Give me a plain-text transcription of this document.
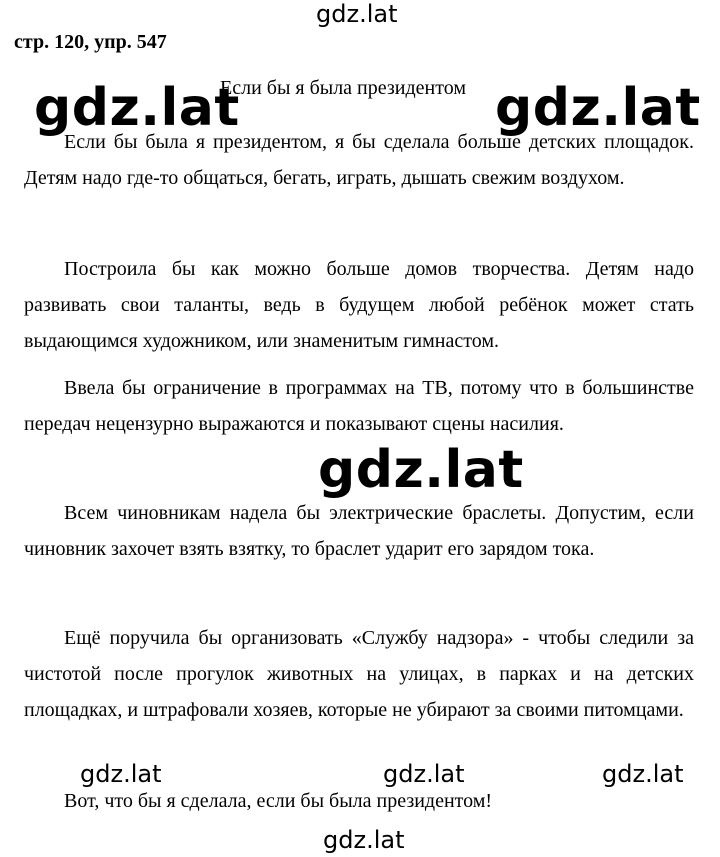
стр. 120, упр. 547
Если бы я была президентом

Если бы была я президентом, я бы сделала больше детских площадок. Детям надо где-то общаться, бегать, играть, дышать свежим воздухом.

Построила бы как можно больше домов творчества. Детям надо развивать свои таланты, ведь в будущем любой ребёнок может стать выдающимся художником, или знаменитым гимнастом.

Ввела бы ограничение в программах на ТВ, потому что в большинстве передач нецензурно выражаются и показывают сцены насилия.

Всем чиновникам надела бы электрические браслеты. Допустим, если чиновник захочет взять взятку, то браслет ударит его зарядом тока.

Ещё поручила бы организовать «Службу надзора» - чтобы следили за чистотой после прогулок животных на улицах, в парках и на детских площадках, и штрафовали хозяев, которые не убирают за своими питомцами.

Вот, что бы я сделала, если бы была президентом!

gdz.lat
gdz.lat	gdz.lat
gdz.lat
gdz.lat	gdz.lat	gdz.lat
gdz.lat
